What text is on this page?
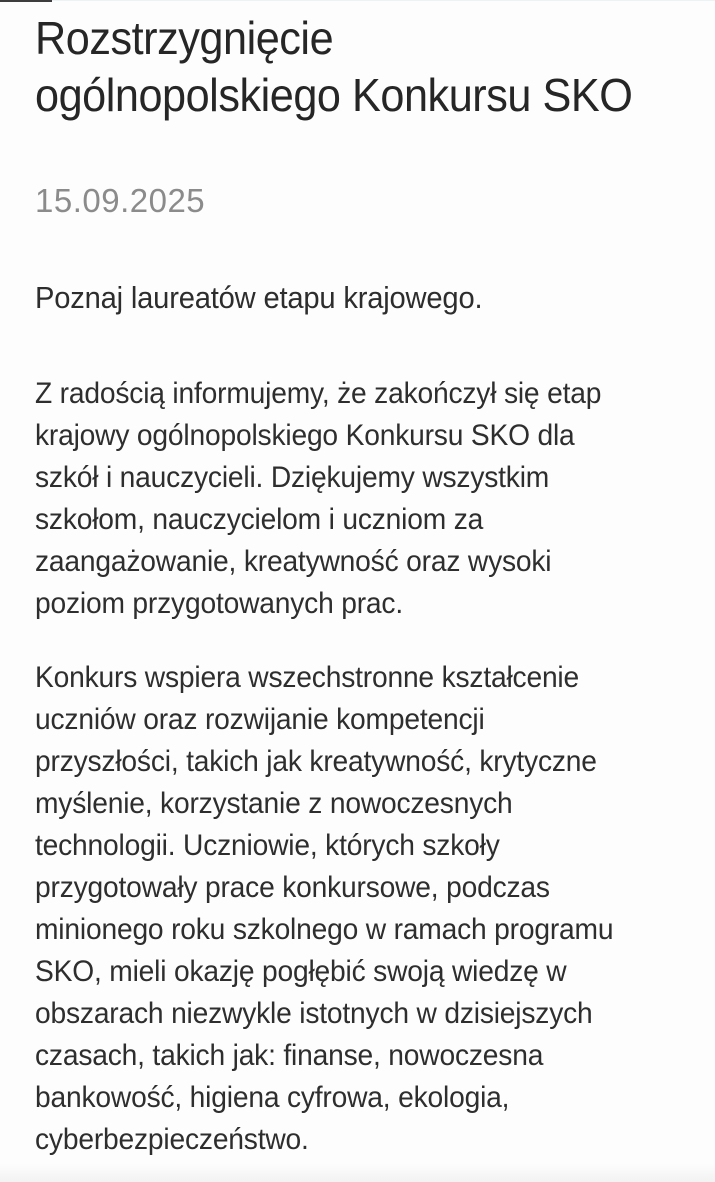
Rozstrzygnięcie
ogólnopolskiego Konkursu SKO
15.09.2025
Poznaj laureatów etapu krajowego.
Z radością informujemy, że zakończył się etap
krajowy ogólnopolskiego Konkursu SKO dla
szkół i nauczycieli. Dziękujemy wszystkim
szkołom, nauczycielom i uczniom za
zaangażowanie, kreatywność oraz wysoki
poziom przygotowanych prac.
Konkurs wspiera wszechstronne kształcenie
uczniów oraz rozwijanie kompetencji
przyszłości, takich jak kreatywność, krytyczne
myślenie, korzystanie z nowoczesnych
technologii. Uczniowie, których szkoły
przygotowały prace konkursowe, podczas
minionego roku szkolnego w ramach programu
SKO, mieli okazję pogłębić swoją wiedzę w
obszarach niezwykle istotnych w dzisiejszych
czasach, takich jak: finanse, nowoczesna
bankowość, higiena cyfrowa, ekologia,
cyberbezpieczeństwo.
